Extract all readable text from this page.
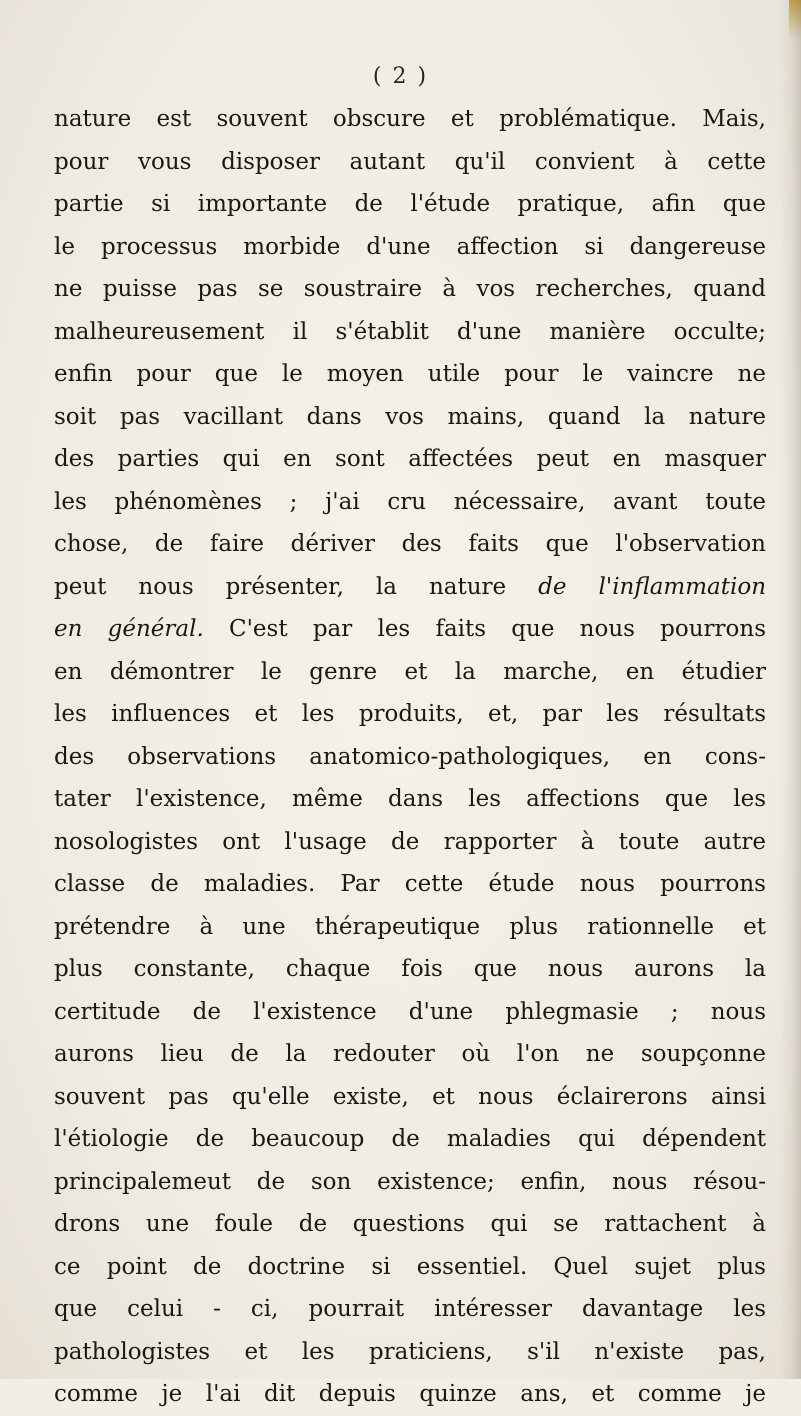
( 2 )
nature est souvent obscure et problématique. Mais,
pour vous disposer autant qu'il convient à cette
partie si importante de l'étude pratique, afin que
le processus morbide d'une affection si dangereuse
ne puisse pas se soustraire à vos recherches, quand
malheureusement il s'établit d'une manière occulte;
enfin pour que le moyen utile pour le vaincre ne
soit pas vacillant dans vos mains, quand la nature
des parties qui en sont affectées peut en masquer
les phénomènes ; j'ai cru nécessaire, avant toute
chose, de faire dériver des faits que l'observation
peut nous présenter, la nature de l'inflammation
en général. C'est par les faits que nous pourrons
en démontrer le genre et la marche, en étudier
les influences et les produits, et, par les résultats
des observations anatomico-pathologiques, en cons-
tater l'existence, même dans les affections que les
nosologistes ont l'usage de rapporter à toute autre
classe de maladies. Par cette étude nous pourrons
prétendre à une thérapeutique plus rationnelle et
plus constante, chaque fois que nous aurons la
certitude de l'existence d'une phlegmasie ; nous
aurons lieu de la redouter où l'on ne soupçonne
souvent pas qu'elle existe, et nous éclairerons ainsi
l'étiologie de beaucoup de maladies qui dépendent
principalemeut de son existence; enfin, nous résou-
drons une foule de questions qui se rattachent à
ce point de doctrine si essentiel. Quel sujet plus
que celui - ci, pourrait intéresser davantage les
pathologistes et les praticiens, s'il n'existe pas,
comme je l'ai dit depuis quinze ans, et comme je
